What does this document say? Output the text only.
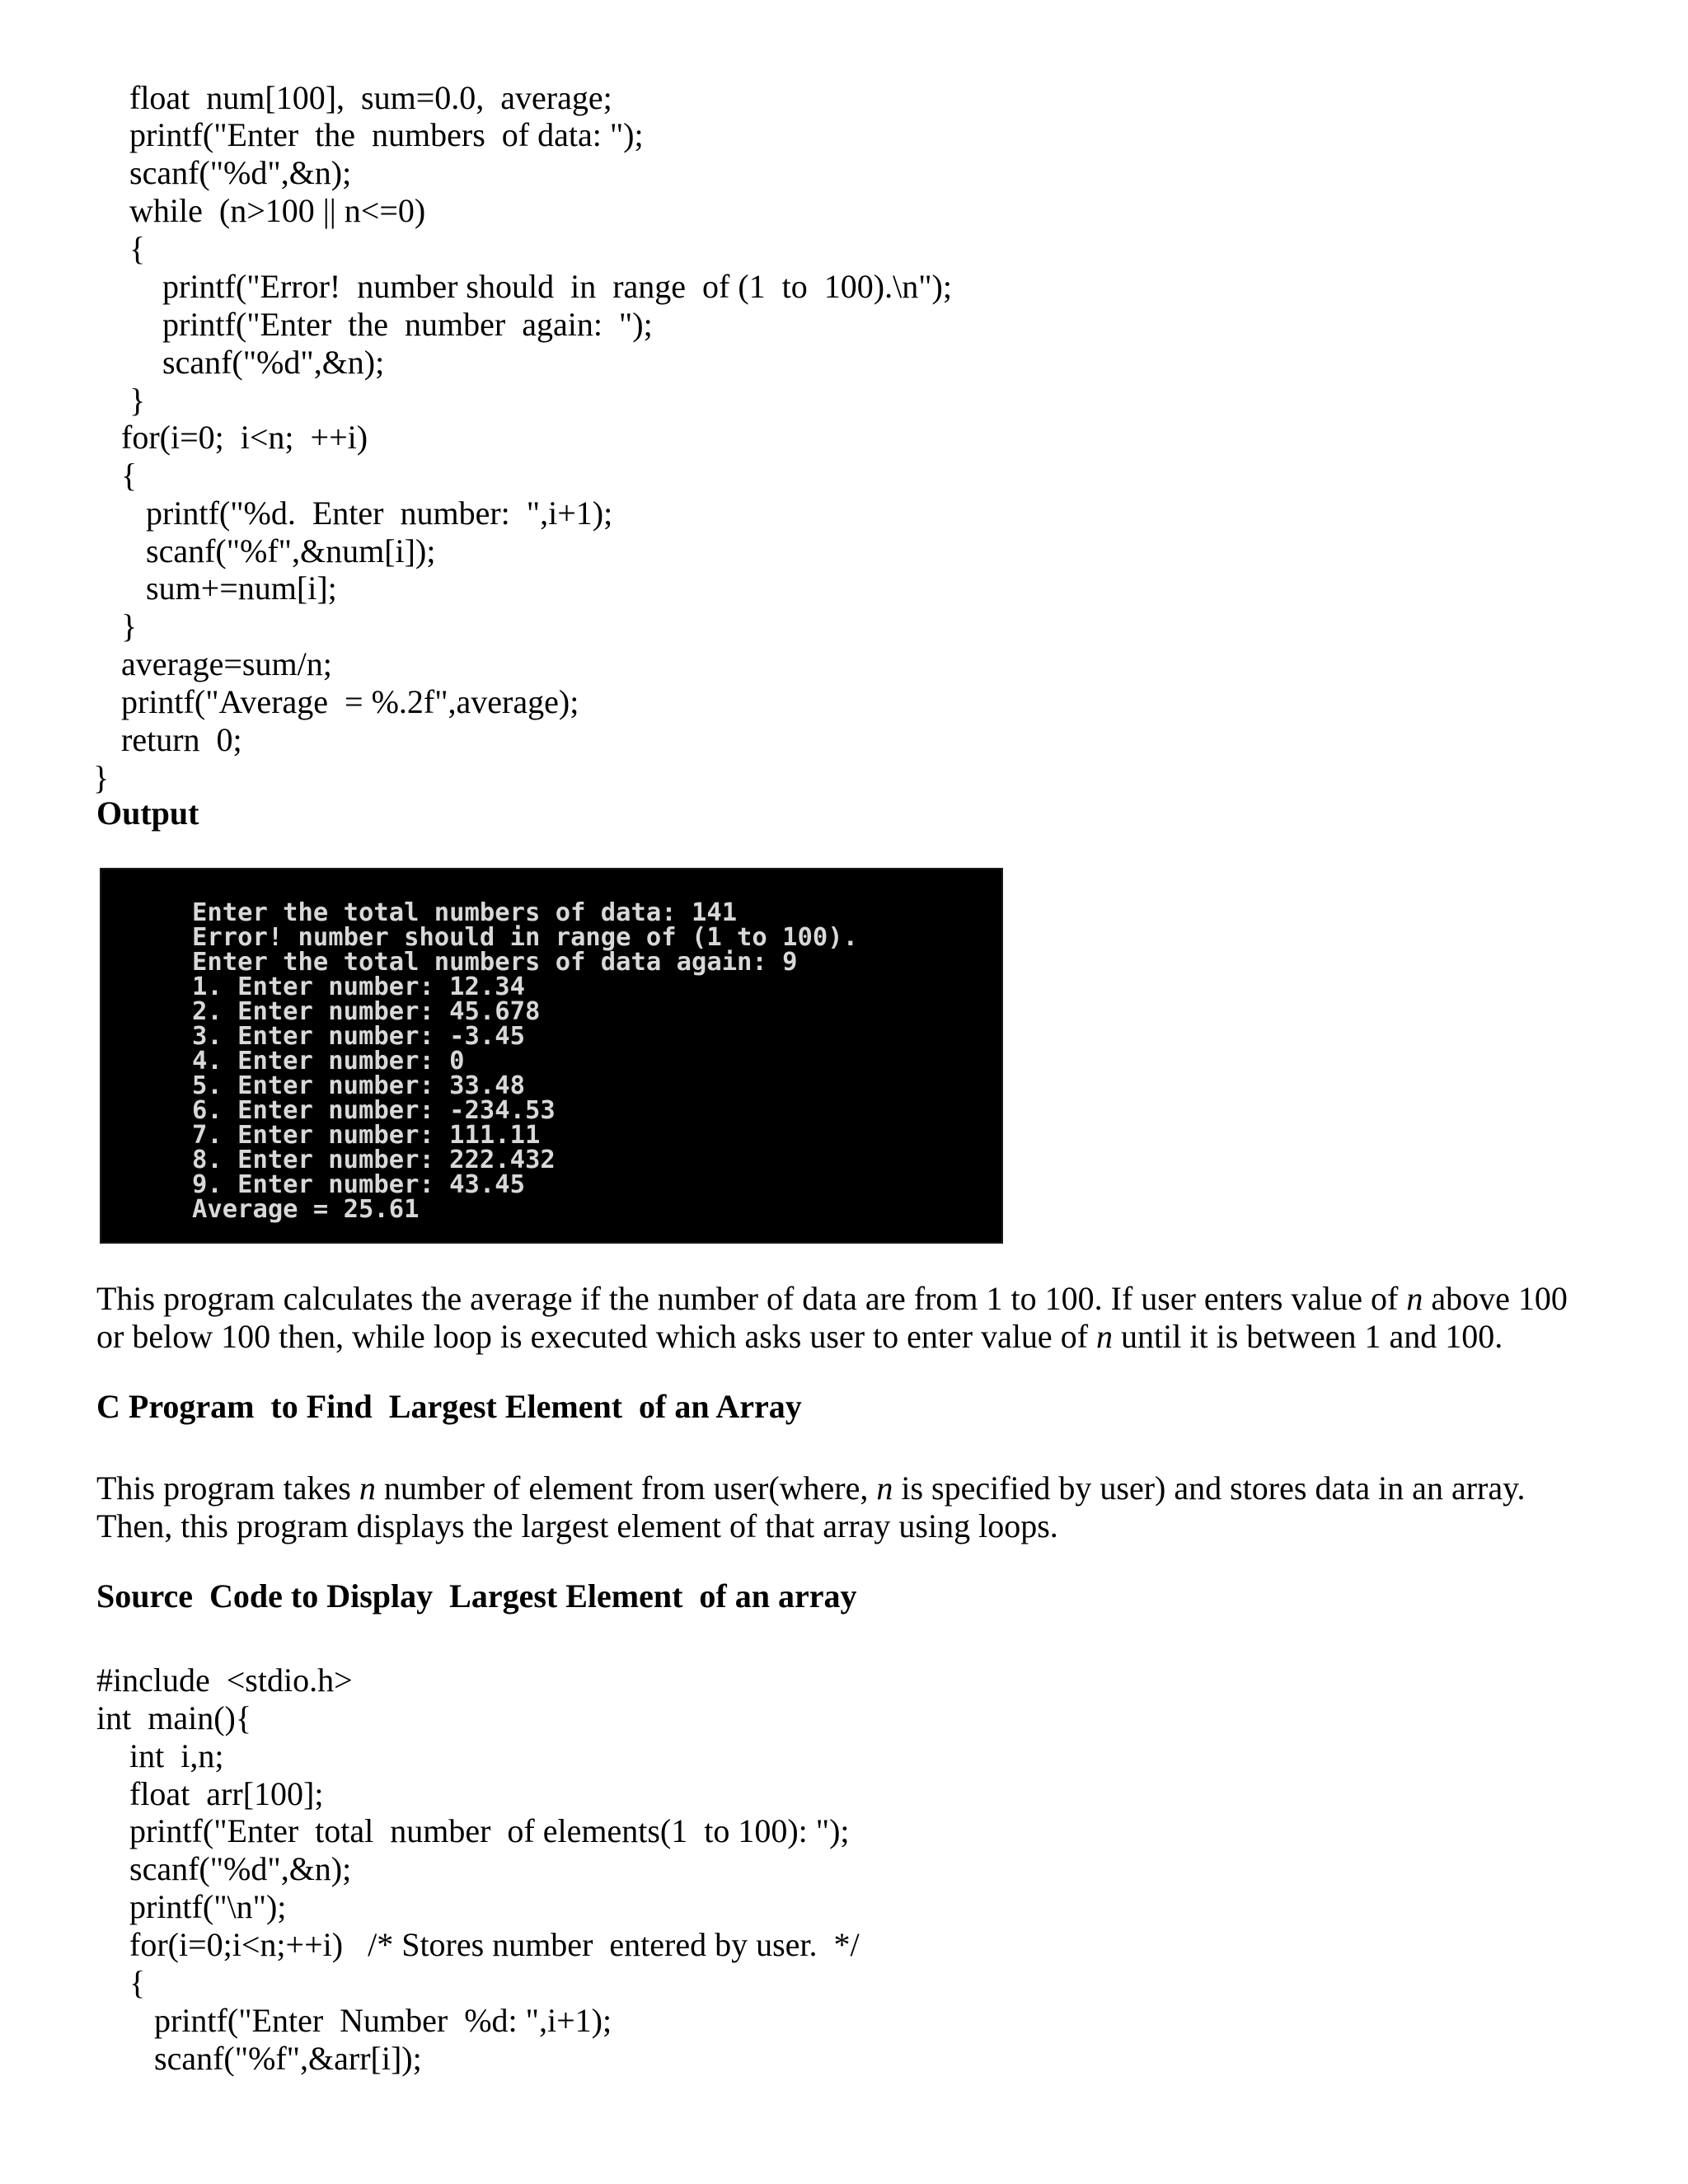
float  num[100],  sum=0.0,  average;
printf("Enter  the  numbers  of data: ");
scanf("%d",&n);
while  (n>100 || n<=0)
{
printf("Error!  number should  in  range  of (1  to  100).\n");
printf("Enter  the  number  again:  ");
scanf("%d",&n);
}
for(i=0;  i<n;  ++i)
{
printf("%d.  Enter  number:  ",i+1);
scanf("%f",&num[i]);
sum+=num[i];
}
average=sum/n;
printf("Average  = %.2f",average);
return  0;
}
Output
Enter the total numbers of data: 141
Error! number should in range of (1 to 100).
Enter the total numbers of data again: 9
1. Enter number: 12.34
2. Enter number: 45.678
3. Enter number: -3.45
4. Enter number: 0
5. Enter number: 33.48
6. Enter number: -234.53
7. Enter number: 111.11
8. Enter number: 222.432
9. Enter number: 43.45
Average = 25.61
This program calculates the average if the number of data are from 1 to 100. If user enters value of n above 100
or below 100 then, while loop is executed which asks user to enter value of n until it is between 1 and 100.
C Program  to Find  Largest Element  of an Array
This program takes n number of element from user(where, n is specified by user) and stores data in an array.
Then, this program displays the largest element of that array using loops.
Source  Code to Display  Largest Element  of an array
#include  <stdio.h>
int  main(){
int  i,n;
float  arr[100];
printf("Enter  total  number  of elements(1  to 100): ");
scanf("%d",&n);
printf("\n");
for(i=0;i<n;++i)   /* Stores number  entered by user.  */
{
printf("Enter  Number  %d: ",i+1);
scanf("%f",&arr[i]);
